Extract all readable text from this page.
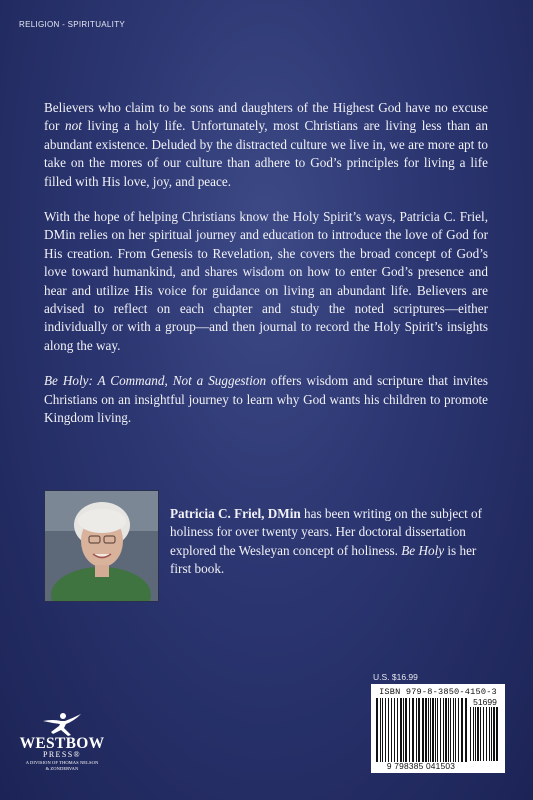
RELIGION - SPIRITUALITY

Believers who claim to be sons and daughters of the Highest God have no excuse for not living a holy life. Unfortunately, most Christians are living less than an abundant existence. Deluded by the distracted culture we live in, we are more apt to take on the mores of our culture than adhere to God’s principles for living a life filled with His love, joy, and peace.

With the hope of helping Christians know the Holy Spirit’s ways, Patricia C. Friel, DMin relies on her spiritual journey and education to introduce the love of God for His creation. From Genesis to Revelation, she covers the broad concept of God’s love toward humankind, and shares wisdom on how to enter God’s presence and hear and utilize His voice for guidance on living an abundant life. Believers are advised to reflect on each chapter and study the noted scriptures—either individually or with a group—and then journal to record the Holy Spirit’s insights along the way.

Be Holy: A Command, Not a Suggestion offers wisdom and scripture that invites Christians on an insightful journey to learn why God wants his children to promote Kingdom living.

Patricia C. Friel, DMin has been writing on the subject of holiness for over twenty years. Her doctoral dissertation explored the Wesleyan concept of holiness. Be Holy is her first book.
WESTBOW
PRESS®
A DIVISION OF THOMAS NELSON
& ZONDERVAN
U.S. $16.99
ISBN 979-8-3850-4150-3
51699
9 798385 041503
